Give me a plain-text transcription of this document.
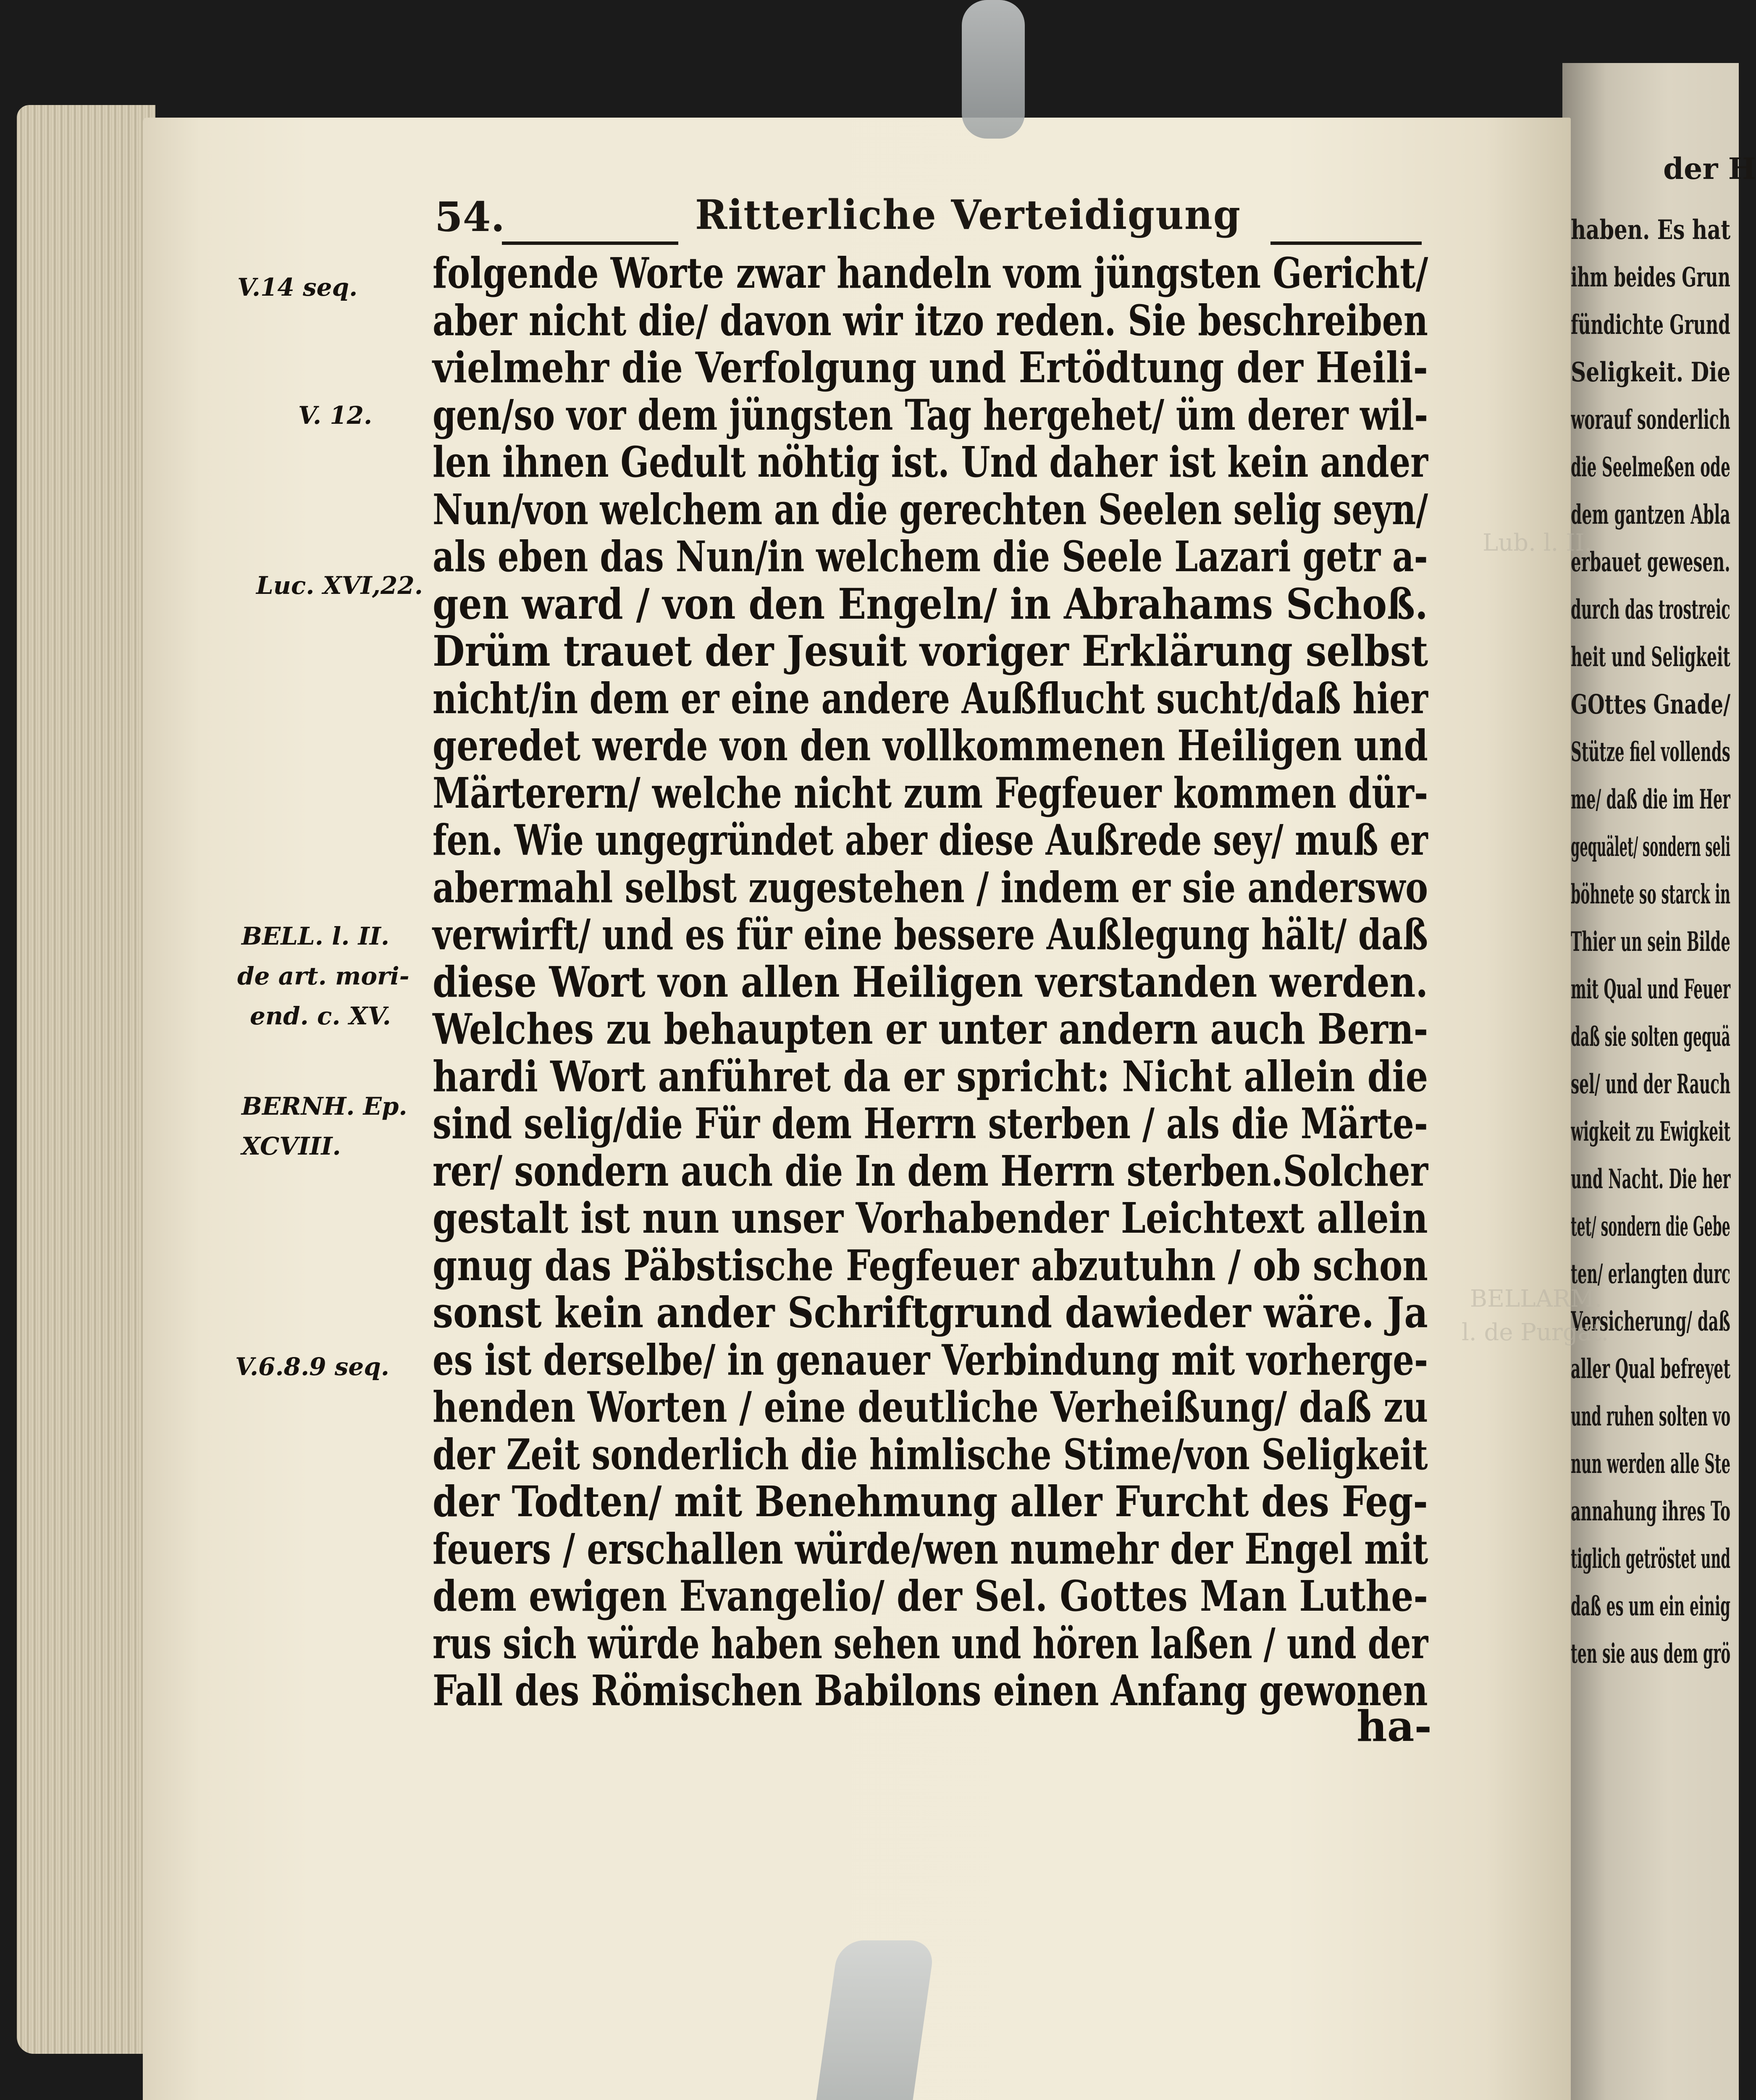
der H
haben. Es hat
ihm beides Grun
fündichte Grund
Seligkeit. Die
worauf sonderlich
die Seelmeßen ode
dem gantzen Abla
erbauet gewesen.
durch das trostreic
heit und Seligkeit
GOttes Gnade/
Stütze fiel vollends
me/ daß die im Her
gequälet/ sondern seli
böhnete so starck in
Thier un sein Bilde
mit Qual und Feuer
daß sie solten gequä
sel/ und der Rauch
wigkeit zu Ewigkeit
und Nacht. Die her
tet/ sondern die Gebe
ten/ erlangten durc
Versicherung/ daß
aller Qual befreyet
und ruhen solten vo
nun werden alle Ste
annahung ihres To
tiglich getröstet und
daß es um ein einig
ten sie aus dem grö
Lub. l. II.
BELLARM.
l. de Purgat.
54.	Ritterliche Verteidigung
folgende Worte zwar handeln vom jüngsten Gericht/
aber nicht die/ davon wir itzo reden. Sie beschreiben
vielmehr die Verfolgung und Ertödtung der Heili-
gen/so vor dem jüngsten Tag hergehet/ üm derer wil-
len ihnen Gedult nöhtig ist. Und daher ist kein ander
Nun/von welchem an die gerechten Seelen selig seyn/
als eben das Nun/in welchem die Seele Lazari getr a-
gen ward / von den Engeln/ in Abrahams Schoß.
Drüm trauet der Jesuit voriger Erklärung selbst
nicht/in dem er eine andere Außflucht sucht/daß hier
geredet werde von den vollkommenen Heiligen und
Märterern/ welche nicht zum Fegfeuer kommen dür-
fen. Wie ungegründet aber diese Außrede sey/ muß er
abermahl selbst zugestehen / indem er sie anderswo
verwirft/ und es für eine bessere Außlegung hält/ daß
diese Wort von allen Heiligen verstanden werden.
Welches zu behaupten er unter andern auch Bern-
hardi Wort anführet da er spricht: Nicht allein die
sind selig/die Für dem Herrn sterben / als die Märte-
rer/ sondern auch die In dem Herrn sterben.Solcher
gestalt ist nun unser Vorhabender Leichtext allein
gnug das Päbstische Fegfeuer abzutuhn / ob schon
sonst kein ander Schriftgrund dawieder wäre. Ja
es ist derselbe/ in genauer Verbindung mit vorherge-
henden Worten / eine deutliche Verheißung/ daß zu
der Zeit sonderlich die himlische Stime/von Seligkeit
der Todten/ mit Benehmung aller Furcht des Feg-
feuers / erschallen würde/wen numehr der Engel mit
dem ewigen Evangelio/ der Sel. Gottes Man Luthe-
rus sich würde haben sehen und hören laßen / und der
Fall des Römischen Babilons einen Anfang gewonen
V.14 seq.
V. 12.
Luc. XVI,22.
BELL. l. II.
de art. mori-
end. c. XV.
BERNH. Ep.
XCVIII.
V.6.8.9 seq.
ha-
